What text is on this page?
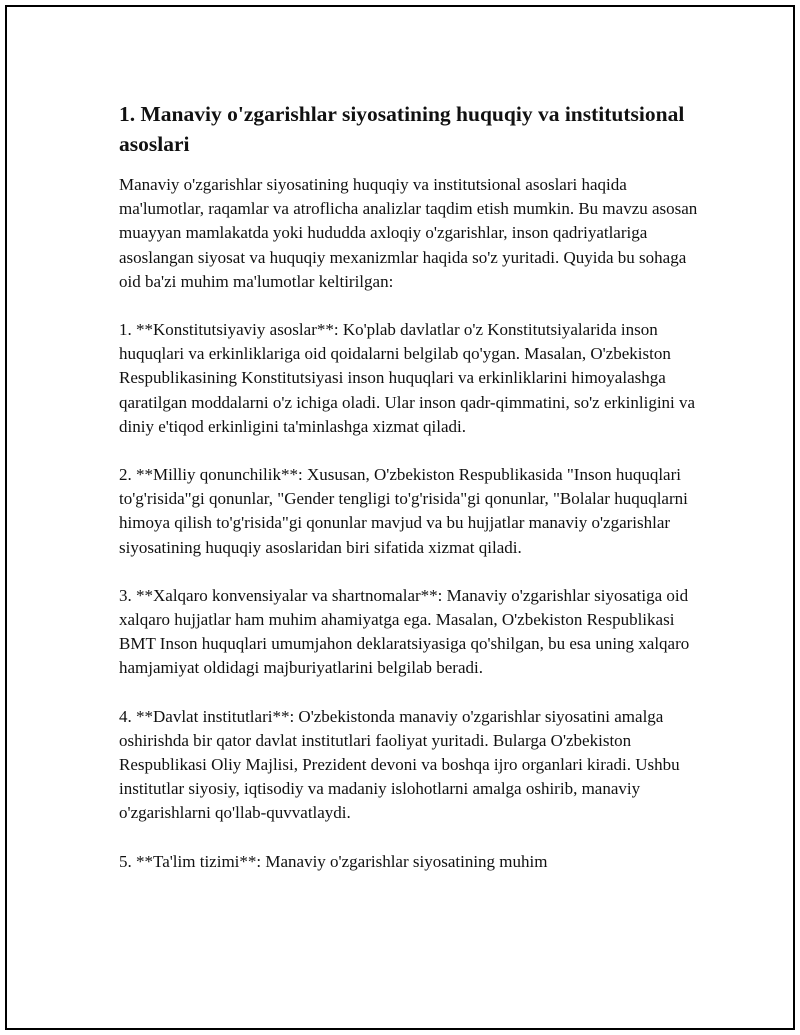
1. Manaviy o'zgarishlar siyosatining huquqiy va institutsional asoslari

Manaviy o'zgarishlar siyosatining huquqiy va institutsional asoslari haqida ma'lumotlar, raqamlar va atroflicha analizlar taqdim etish mumkin. Bu mavzu asosan muayyan mamlakatda yoki hududda axloqiy o'zgarishlar, inson qadriyatlariga asoslangan siyosat va huquqiy mexanizmlar haqida so'z yuritadi. Quyida bu sohaga oid ba'zi muhim ma'lumotlar keltirilgan:

1. **Konstitutsiyaviy asoslar**: Ko'plab davlatlar o'z Konstitutsiyalarida inson huquqlari va erkinliklariga oid qoidalarni belgilab qo'ygan. Masalan, O'zbekiston Respublikasining Konstitutsiyasi inson huquqlari va erkinliklarini himoyalashga qaratilgan moddalarni o'z ichiga oladi. Ular inson qadr-qimmatini, so'z erkinligini va diniy e'tiqod erkinligini ta'minlashga xizmat qiladi.

2. **Milliy qonunchilik**: Xususan, O'zbekiston Respublikasida "Inson huquqlari to'g'risida"gi qonunlar, "Gender tengligi to'g'risida"gi qonunlar, "Bolalar huquqlarni himoya qilish to'g'risida"gi qonunlar mavjud va bu hujjatlar manaviy o'zgarishlar siyosatining huquqiy asoslaridan biri sifatida xizmat qiladi.

3. **Xalqaro konvensiyalar va shartnomalar**: Manaviy o'zgarishlar siyosatiga oid xalqaro hujjatlar ham muhim ahamiyatga ega. Masalan, O'zbekiston Respublikasi BMT Inson huquqlari umumjahon deklaratsiyasiga qo'shilgan, bu esa uning xalqaro hamjamiyat oldidagi majburiyatlarini belgilab beradi.

4. **Davlat institutlari**: O'zbekistonda manaviy o'zgarishlar siyosatini amalga oshirishda bir qator davlat institutlari faoliyat yuritadi. Bularga O'zbekiston Respublikasi Oliy Majlisi, Prezident devoni va boshqa ijro organlari kiradi. Ushbu institutlar siyosiy, iqtisodiy va madaniy islohotlarni amalga oshirib, manaviy o'zgarishlarni qo'llab-quvvatlaydi.

5. **Ta'lim tizimi**: Manaviy o'zgarishlar siyosatining muhim
